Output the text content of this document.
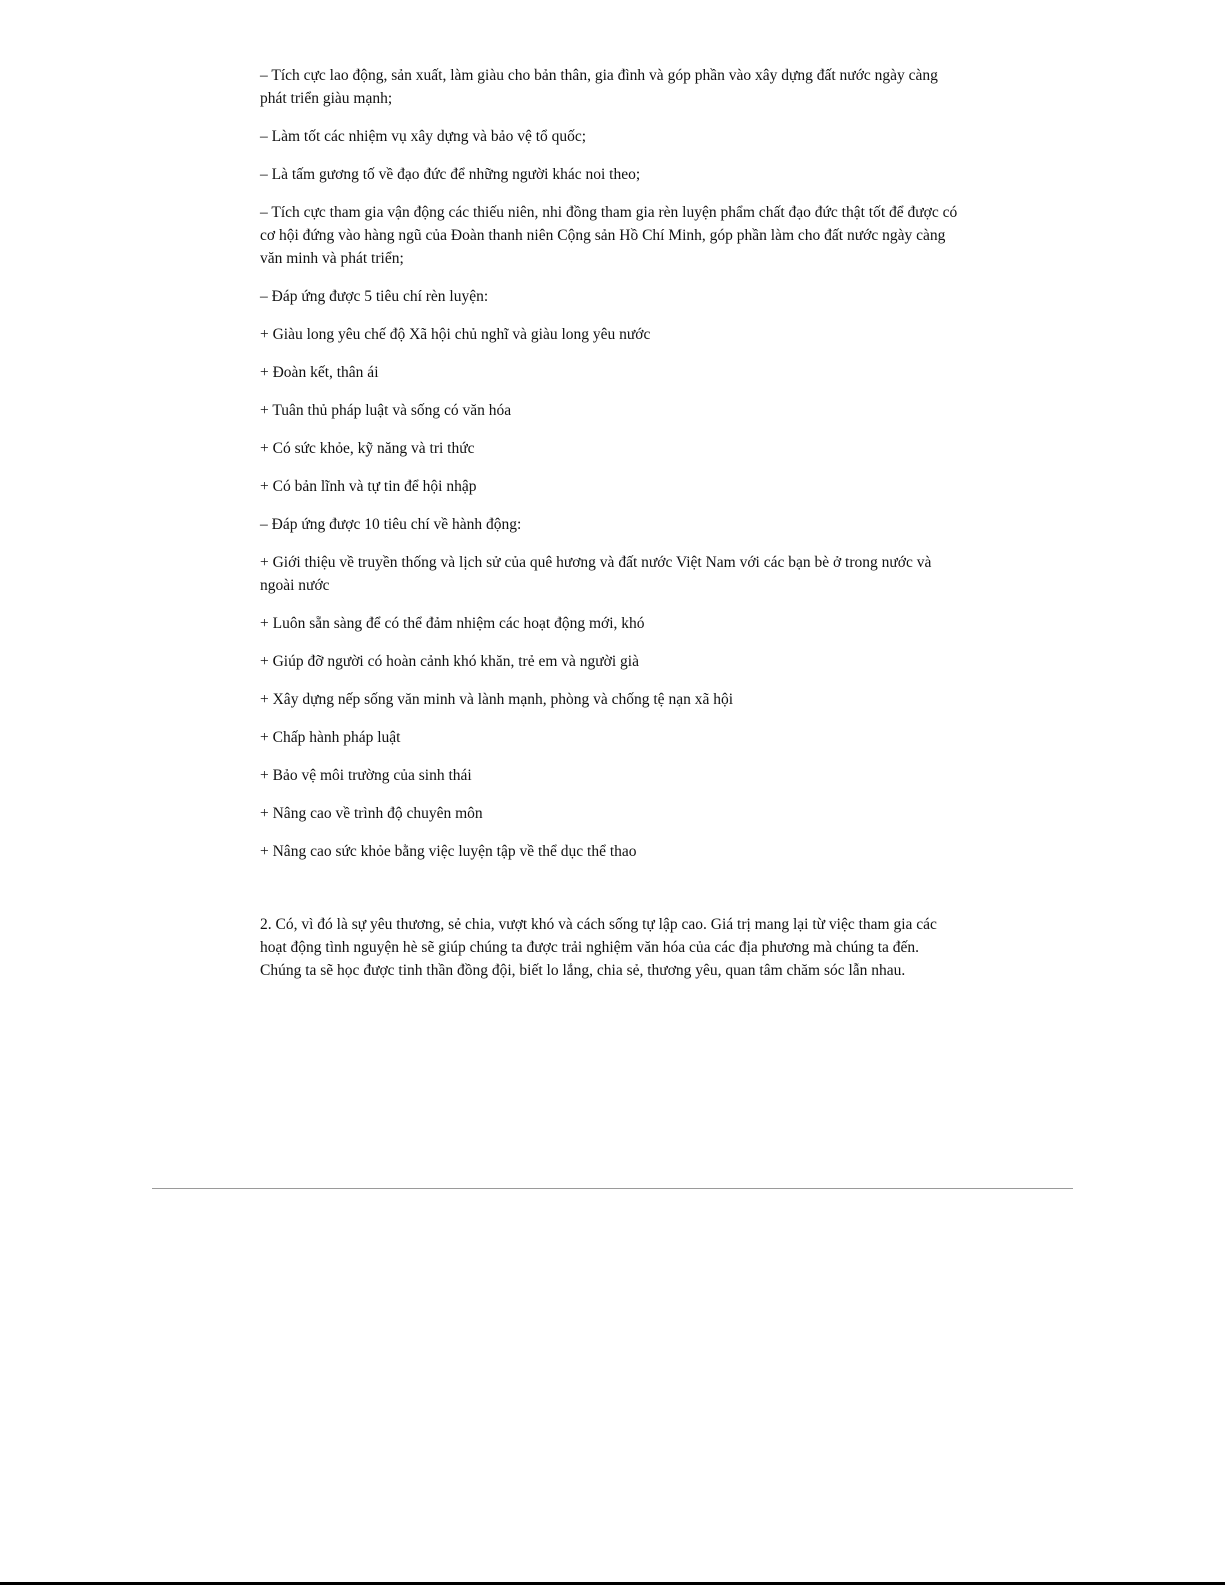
– Tích cực lao động, sản xuất, làm giàu cho bản thân, gia đình và góp phần vào xây dựng đất nước ngày càng phát triển giàu mạnh;

– Làm tốt các nhiệm vụ xây dựng và bảo vệ tổ quốc;

– Là tấm gương tố về đạo đức để những người khác noi theo;

– Tích cực tham gia vận động các thiếu niên, nhi đồng tham gia rèn luyện phẩm chất đạo đức thật tốt để được có cơ hội đứng vào hàng ngũ của Đoàn thanh niên Cộng sản Hồ Chí Minh, góp phần làm cho đất nước ngày càng văn minh và phát triển;

– Đáp ứng được 5 tiêu chí rèn luyện:

+ Giàu long yêu chế độ Xã hội chủ nghĩ và giàu long yêu nước

+ Đoàn kết, thân ái

+ Tuân thủ pháp luật và sống có văn hóa

+ Có sức khỏe, kỹ năng và tri thức

+ Có bản lĩnh và tự tin để hội nhập

– Đáp ứng được 10 tiêu chí về hành động:

+ Giới thiệu về truyền thống và lịch sử của quê hương và đất nước Việt Nam với các bạn bè ở trong nước và ngoài nước

+ Luôn sẵn sàng để có thể đảm nhiệm các hoạt động mới, khó

+ Giúp đỡ người có hoàn cảnh khó khăn, trẻ em và người già

+ Xây dựng nếp sống văn minh và lành mạnh, phòng và chống tệ nạn xã hội

+ Chấp hành pháp luật

+ Bảo vệ môi trường của sinh thái

+ Nâng cao về trình độ chuyên môn

+ Nâng cao sức khỏe bằng việc luyện tập về thể dục thể thao

2. Có, vì đó là sự yêu thương, sẻ chia, vượt khó và cách sống tự lập cao. Giá trị mang lại từ việc tham gia các hoạt động tình nguyện hè sẽ giúp chúng ta được trải nghiệm văn hóa của các địa phương mà chúng ta đến. Chúng ta sẽ học được tinh thần đồng đội, biết lo lắng, chia sẻ, thương yêu, quan tâm chăm sóc lẫn nhau.
